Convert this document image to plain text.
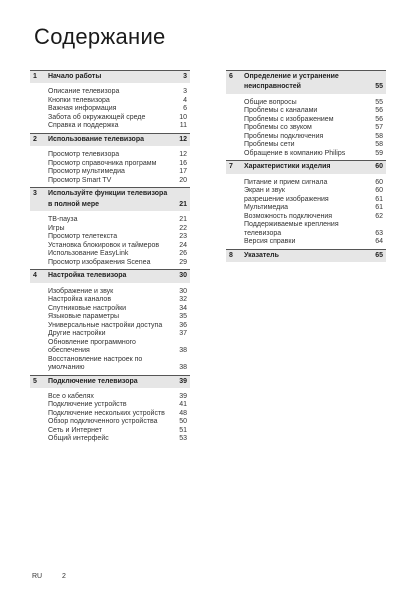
Содержание
1 Начало работы	3
Описание телевизора	3
Кнопки телевизора	4
Важная информация	6
Забота об окружающей среде	10
Справка и поддержка	11
2 Использование телевизора	12
Просмотр телевизора	12
Просмотр справочника программ	16
Просмотр мультимедиа	17
Просмотр Smart TV	20
3 Используйте функции телевизора в полной мере	21
ТВ-пауза	21
Игры	22
Просмотр телетекста	23
Установка блокировок и таймеров	24
Использование EasyLink	26
Просмотр изображения Scenea	29
4 Настройка телевизора	30
Изображение и звук	30
Настройка каналов	32
Спутниковые настройки	34
Языковые параметры	35
Универсальные настройки доступа	36
Другие настройки	37
Обновление программного обеспечения	38
Восстановление настроек по умолчанию	38
5 Подключение телевизора	39
Все о кабелях	39
Подключение устройств	41
Подключение нескольких устройств	48
Обзор подключенного устройства	50
Сеть и Интернет	51
Общий интерфейс	53
6 Определение и устранение неисправностей	55
Общие вопросы	55
Проблемы с каналами	56
Проблемы с изображением	56
Проблемы со звуком	57
Проблемы подключения	58
Проблемы сети	58
Обращение в компанию Philips	59
7 Характеристики изделия	60
Питание и прием сигнала	60
Экран и звук	60
разрешение изображения	61
Мультимедиа	61
Возможность подключения	62
Поддерживаемые крепления телевизора	63
Версия справки	64
8 Указатель	65
RU	2
